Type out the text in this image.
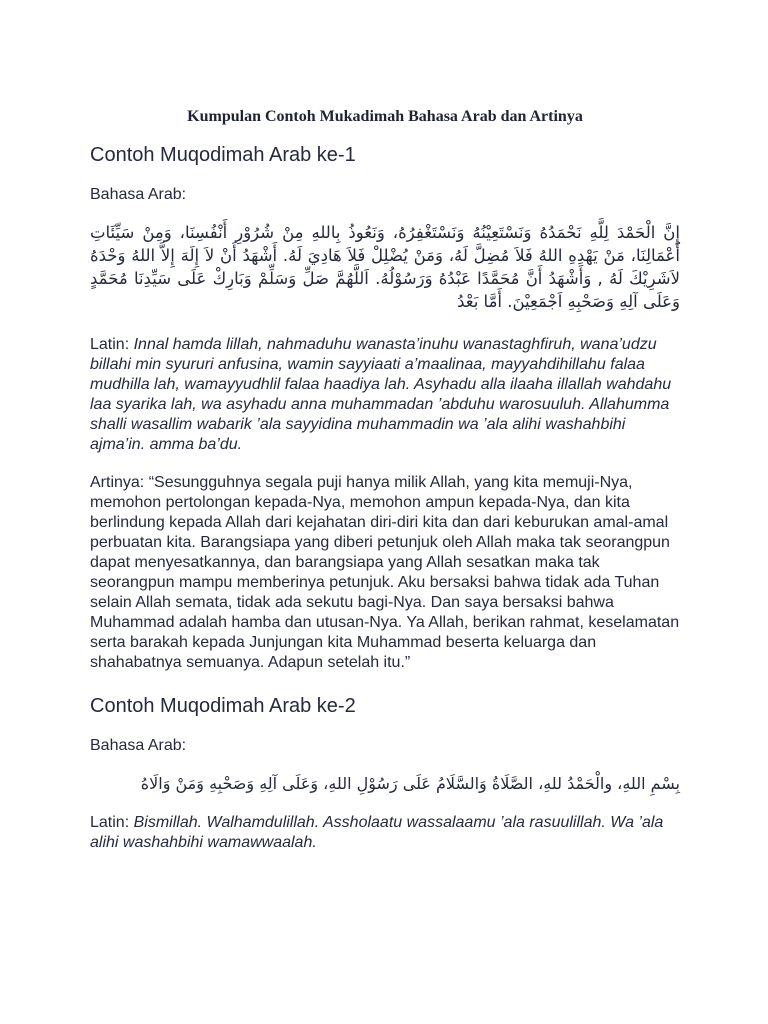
Kumpulan Contoh Mukadimah Bahasa Arab dan Artinya
Contoh Muqodimah Arab ke-1

Bahasa Arab:

إِنَّ الْحَمْدَ لِلَّهِ نَحْمَدُهُ وَنَسْتَعِيْنُهُ وَنَسْتَغْفِرُهُ، وَنَعُوذُ بِاللهِ مِنْ شُرُوْرِ أَنْفُسِنَا، وَمِنْ سَيِّئَاتِ أَعْمَالِنَا، مَنْ يَهْدِهِ اللهُ فَلاَ مُضِلَّ لَهُ، وَمَنْ يُضْلِلْ فَلاَ هَادِيَ لَهُ. أَشْهَدُ أَنْ لاَ إِلَهَ إِلاَّ اللهُ وَحْدَهُ لاَشَرِيْكَ لَهُ , وَأَشْهَدُ أَنَّ مُحَمَّدًا عَبْدُهُ وَرَسُوْلُهُ. اَللَّهُمَّ صَلِّ وَسَلِّمْ وَبَارِكْ عَلَى سَيِّدِنَا مُحَمَّدٍ وَعَلَى آلِهِ وَصَحْبِهِ اَجْمَعِيْنَ. أَمَّا بَعْدُ

Latin: Innal hamda lillah, nahmaduhu wanasta’inuhu wanastaghfiruh, wana’udzu billahi min syururi anfusina, wamin sayyiaati a’maalinaa, mayyahdihillahu falaa mudhilla lah, wamayyudhlil falaa haadiya lah. Asyhadu alla ilaaha illallah wahdahu laa syarika lah, wa asyhadu anna muhammadan ’abduhu warosuuluh. Allahumma shalli wasallim wabarik ’ala sayyidina muhammadin wa ’ala alihi washahbihi ajma’in. amma ba’du.

Artinya: “Sesungguhnya segala puji hanya milik Allah, yang kita memuji-Nya, memohon pertolongan kepada-Nya, memohon ampun kepada-Nya, dan kita berlindung kepada Allah dari kejahatan diri-diri kita dan dari keburukan amal-amal perbuatan kita. Barangsiapa yang diberi petunjuk oleh Allah maka tak seorangpun dapat menyesatkannya, dan barangsiapa yang Allah sesatkan maka tak seorangpun mampu memberinya petunjuk. Aku bersaksi bahwa tidak ada Tuhan selain Allah semata, tidak ada sekutu bagi-Nya. Dan saya bersaksi bahwa Muhammad adalah hamba dan utusan-Nya. Ya Allah, berikan rahmat, keselamatan serta barakah kepada Junjungan kita Muhammad beserta keluarga dan shahabatnya semuanya. Adapun setelah itu.”

Contoh Muqodimah Arab ke-2

Bahasa Arab:

بِسْمِ اللهِ، والْحَمْدُ للهِ، الصَّلَاةُ وَالسَّلَامُ عَلَى رَسُوْلِ اللهِ، وَعَلَى آلِهِ وَصَحْبِهِ وَمَنْ وَالَاهُ

Latin: Bismillah. Walhamdulillah. Assholaatu wassalaamu ’ala rasuulillah. Wa ’ala alihi washahbihi wamawwaalah.
